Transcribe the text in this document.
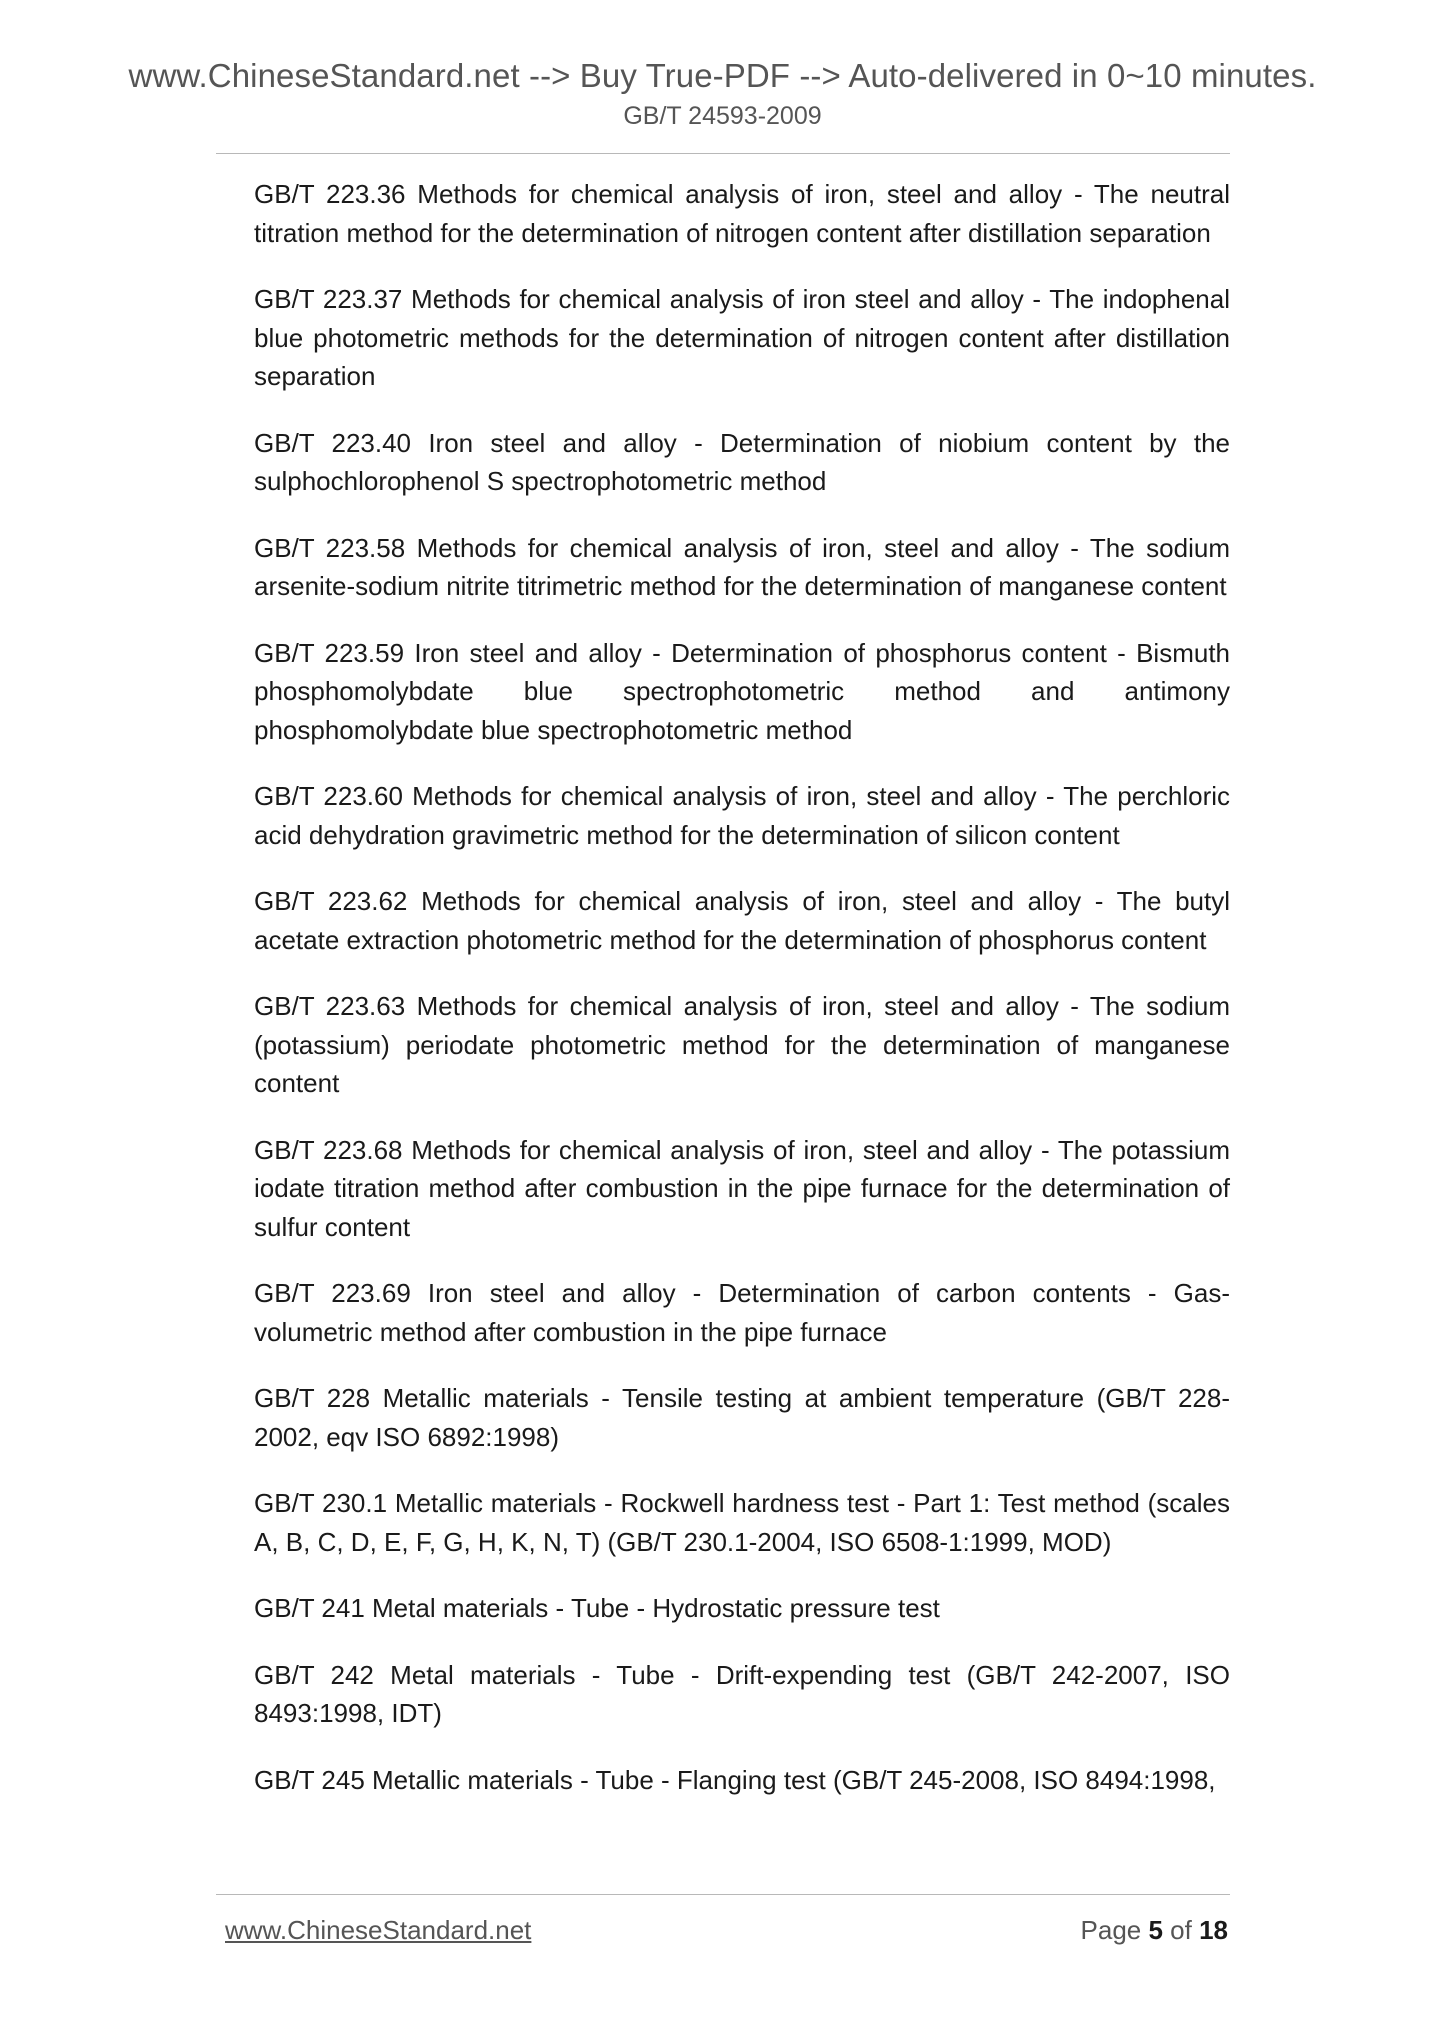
www.ChineseStandard.net --> Buy True-PDF --> Auto-delivered in 0~10 minutes.
GB/T 24593-2009

GB/T 223.36 Methods for chemical analysis of iron, steel and alloy - The neutral titration method for the determination of nitrogen content after distillation separation

GB/T 223.37 Methods for chemical analysis of iron steel and alloy - The indophenal blue photometric methods for the determination of nitrogen content after distillation separation

GB/T 223.40 Iron steel and alloy - Determination of niobium content by the sulphochlorophenol S spectrophotometric method

GB/T 223.58 Methods for chemical analysis of iron, steel and alloy - The sodium arsenite-sodium nitrite titrimetric method for the determination of manganese content

GB/T 223.59 Iron steel and alloy - Determination of phosphorus content - Bismuth phosphomolybdate blue spectrophotometric method and antimony phosphomolybdate blue spectrophotometric method

GB/T 223.60 Methods for chemical analysis of iron, steel and alloy - The perchloric acid dehydration gravimetric method for the determination of silicon content

GB/T 223.62 Methods for chemical analysis of iron, steel and alloy - The butyl acetate extraction photometric method for the determination of phosphorus content

GB/T 223.63 Methods for chemical analysis of iron, steel and alloy - The sodium (potassium) periodate photometric method for the determination of manganese content

GB/T 223.68 Methods for chemical analysis of iron, steel and alloy - The potassium iodate titration method after combustion in the pipe furnace for the determination of sulfur content

GB/T 223.69 Iron steel and alloy - Determination of carbon contents - Gas-volumetric method after combustion in the pipe furnace

GB/T 228 Metallic materials - Tensile testing at ambient temperature (GB/T 228-2002, eqv ISO 6892:1998)

GB/T 230.1 Metallic materials - Rockwell hardness test - Part 1: Test method (scales A, B, C, D, E, F, G, H, K, N, T) (GB/T 230.1-2004, ISO 6508-1:1999, MOD)

GB/T 241 Metal materials - Tube - Hydrostatic pressure test

GB/T 242 Metal materials - Tube - Drift-expending test (GB/T 242-2007, ISO 8493:1998, IDT)

GB/T 245 Metallic materials - Tube - Flanging test (GB/T 245-2008, ISO 8494:1998,

www.ChineseStandard.net	Page 5 of 18
